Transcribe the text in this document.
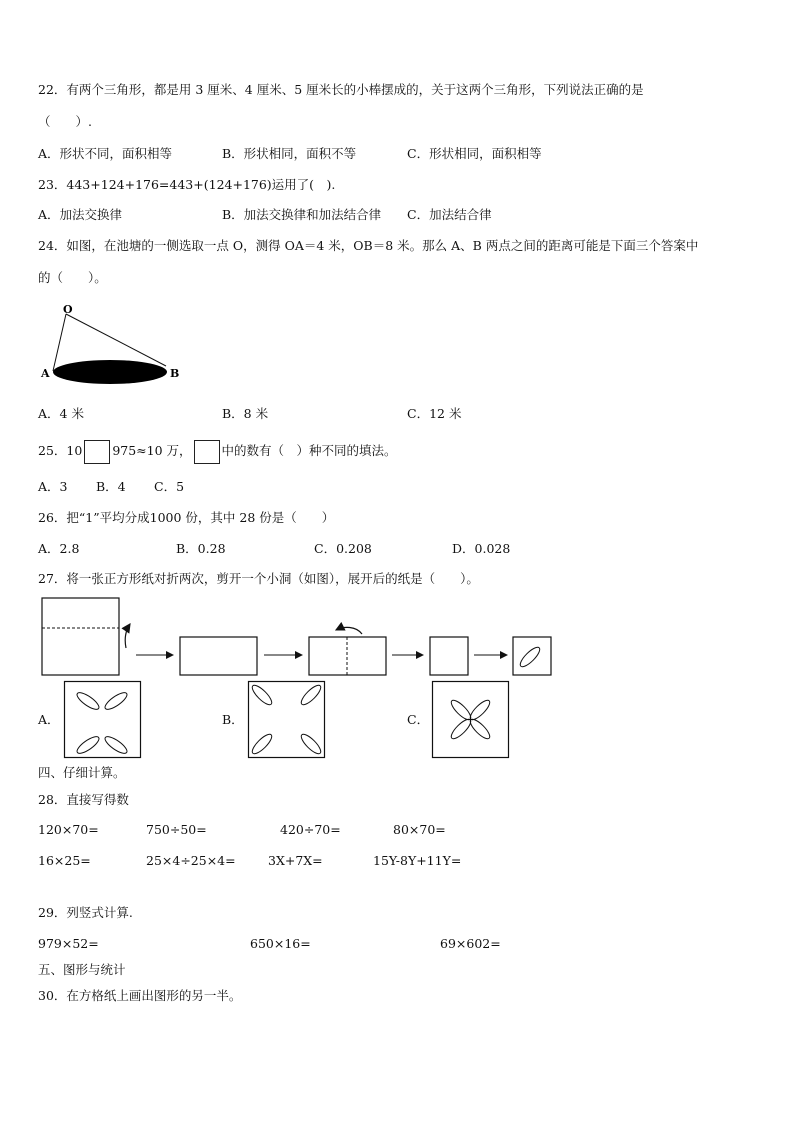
22．有两个三角形，都是用 3 厘米、4 厘米、5 厘米长的小棒摆成的，关于这两个三角形，下列说法正确的是
（　　）.
A．形状不同，面积相等	B．形状相同，面积不等	C．形状相同，面积相等
23．443+124+176=443+(124+176)运用了(　).
A．加法交换律	B．加法交换律和加法结合律 C．加法结合律
24．如图，在池塘的一侧选取一点 O，测得 OA＝4 米，OB＝8 米。那么 A、B 两点之间的距离可能是下面三个答案中
的（　　）。
O
A	B
A．4 米	B．8 米	C．12 米
25．10 975≈10 万， 中的数有（　）种不同的填法。
A．3 B．4 C．5
26．把“1”平均分成1000 份，其中 28 份是（　　）
A．2.8	B．0.28	C．0.208	D．0.028
27．将一张正方形纸对折两次，剪开一个小洞（如图），展开后的纸是（　　）。
A．	B．	C．
四、仔细计算。
28．直接写得数
120×70=	750÷50=	420÷70=	80×70=
16×25=	25×4÷25×4=	3X+7X=	15Y-8Y+11Y=
29．列竖式计算.
979×52=	650×16=	69×602=
五、图形与统计
30．在方格纸上画出图形的另一半。
